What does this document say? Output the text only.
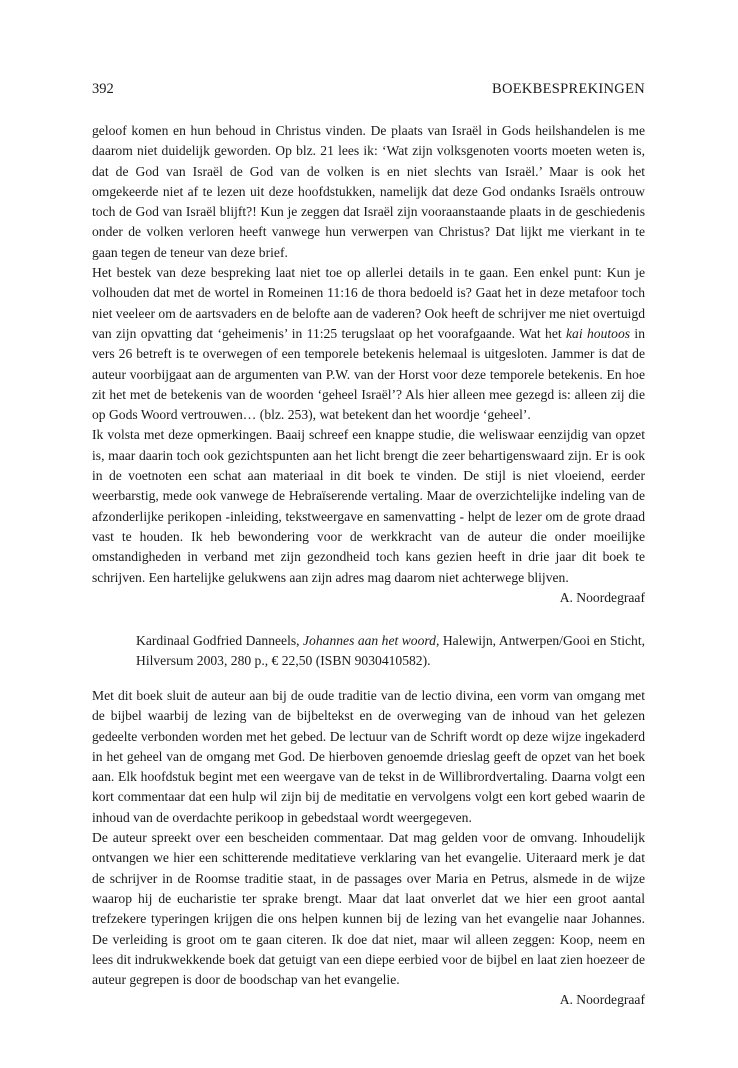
392	BOEKBESPREKINGEN

geloof komen en hun behoud in Christus vinden. De plaats van Israël in Gods heilshandelen is me daarom niet duidelijk geworden. Op blz. 21 lees ik: ‘Wat zijn volksgenoten voorts moeten weten is, dat de God van Israël de God van de volken is en niet slechts van Israël.’ Maar is ook het omgekeerde niet af te lezen uit deze hoofdstukken, namelijk dat deze God ondanks Israëls ontrouw toch de God van Israël blijft?! Kun je zeggen dat Israël zijn vooraanstaande plaats in de geschiedenis onder de volken verloren heeft vanwege hun verwerpen van Christus? Dat lijkt me vierkant in te gaan tegen de teneur van deze brief.

Het bestek van deze bespreking laat niet toe op allerlei details in te gaan. Een enkel punt: Kun je volhouden dat met de wortel in Romeinen 11:16 de thora bedoeld is? Gaat het in deze metafoor toch niet veeleer om de aartsvaders en de belofte aan de vaderen? Ook heeft de schrijver me niet overtuigd van zijn opvatting dat ‘geheimenis’ in 11:25 terugslaat op het voorafgaande. Wat het kai houtoos in vers 26 betreft is te overwegen of een temporele betekenis helemaal is uitgesloten. Jammer is dat de auteur voorbijgaat aan de argumenten van P.W. van der Horst voor deze temporele betekenis. En hoe zit het met de betekenis van de woorden ‘geheel Israël’? Als hier alleen mee gezegd is: alleen zij die op Gods Woord vertrouwen… (blz. 253), wat betekent dan het woordje ‘geheel’.

Ik volsta met deze opmerkingen. Baaij schreef een knappe studie, die weliswaar eenzijdig van opzet is, maar daarin toch ook gezichtspunten aan het licht brengt die zeer behartigenswaard zijn. Er is ook in de voetnoten een schat aan materiaal in dit boek te vinden. De stijl is niet vloeiend, eerder weerbarstig, mede ook vanwege de Hebraïserende vertaling. Maar de overzichtelijke indeling van de afzonderlijke perikopen -inleiding, tekstweergave en samenvatting - helpt de lezer om de grote draad vast te houden. Ik heb bewondering voor de werkkracht van de auteur die onder moeilijke omstandigheden in verband met zijn gezondheid toch kans gezien heeft in drie jaar dit boek te schrijven. Een hartelijke gelukwens aan zijn adres mag daarom niet achterwege blijven.

A. Noordegraaf

Kardinaal Godfried Danneels, Johannes aan het woord, Halewijn, Antwerpen/Gooi en Sticht, Hilversum 2003, 280 p., € 22,50 (ISBN 9030410582).

Met dit boek sluit de auteur aan bij de oude traditie van de lectio divina, een vorm van omgang met de bijbel waarbij de lezing van de bijbeltekst en de overweging van de inhoud van het gelezen gedeelte verbonden worden met het gebed. De lectuur van de Schrift wordt op deze wijze ingekaderd in het geheel van de omgang met God. De hierboven genoemde drieslag geeft de opzet van het boek aan. Elk hoofdstuk begint met een weergave van de tekst in de Willibrordvertaling. Daarna volgt een kort commentaar dat een hulp wil zijn bij de meditatie en vervolgens volgt een kort gebed waarin de inhoud van de overdachte perikoop in gebedstaal wordt weergegeven.

De auteur spreekt over een bescheiden commentaar. Dat mag gelden voor de omvang. Inhoudelijk ontvangen we hier een schitterende meditatieve verklaring van het evangelie. Uiteraard merk je dat de schrijver in de Roomse traditie staat, in de passages over Maria en Petrus, alsmede in de wijze waarop hij de eucharistie ter sprake brengt. Maar dat laat onverlet dat we hier een groot aantal trefzekere typeringen krijgen die ons helpen kunnen bij de lezing van het evangelie naar Johannes. De verleiding is groot om te gaan citeren. Ik doe dat niet, maar wil alleen zeggen: Koop, neem en lees dit indrukwekkende boek dat getuigt van een diepe eerbied voor de bijbel en laat zien hoezeer de auteur gegrepen is door de boodschap van het evangelie.

A. Noordegraaf
